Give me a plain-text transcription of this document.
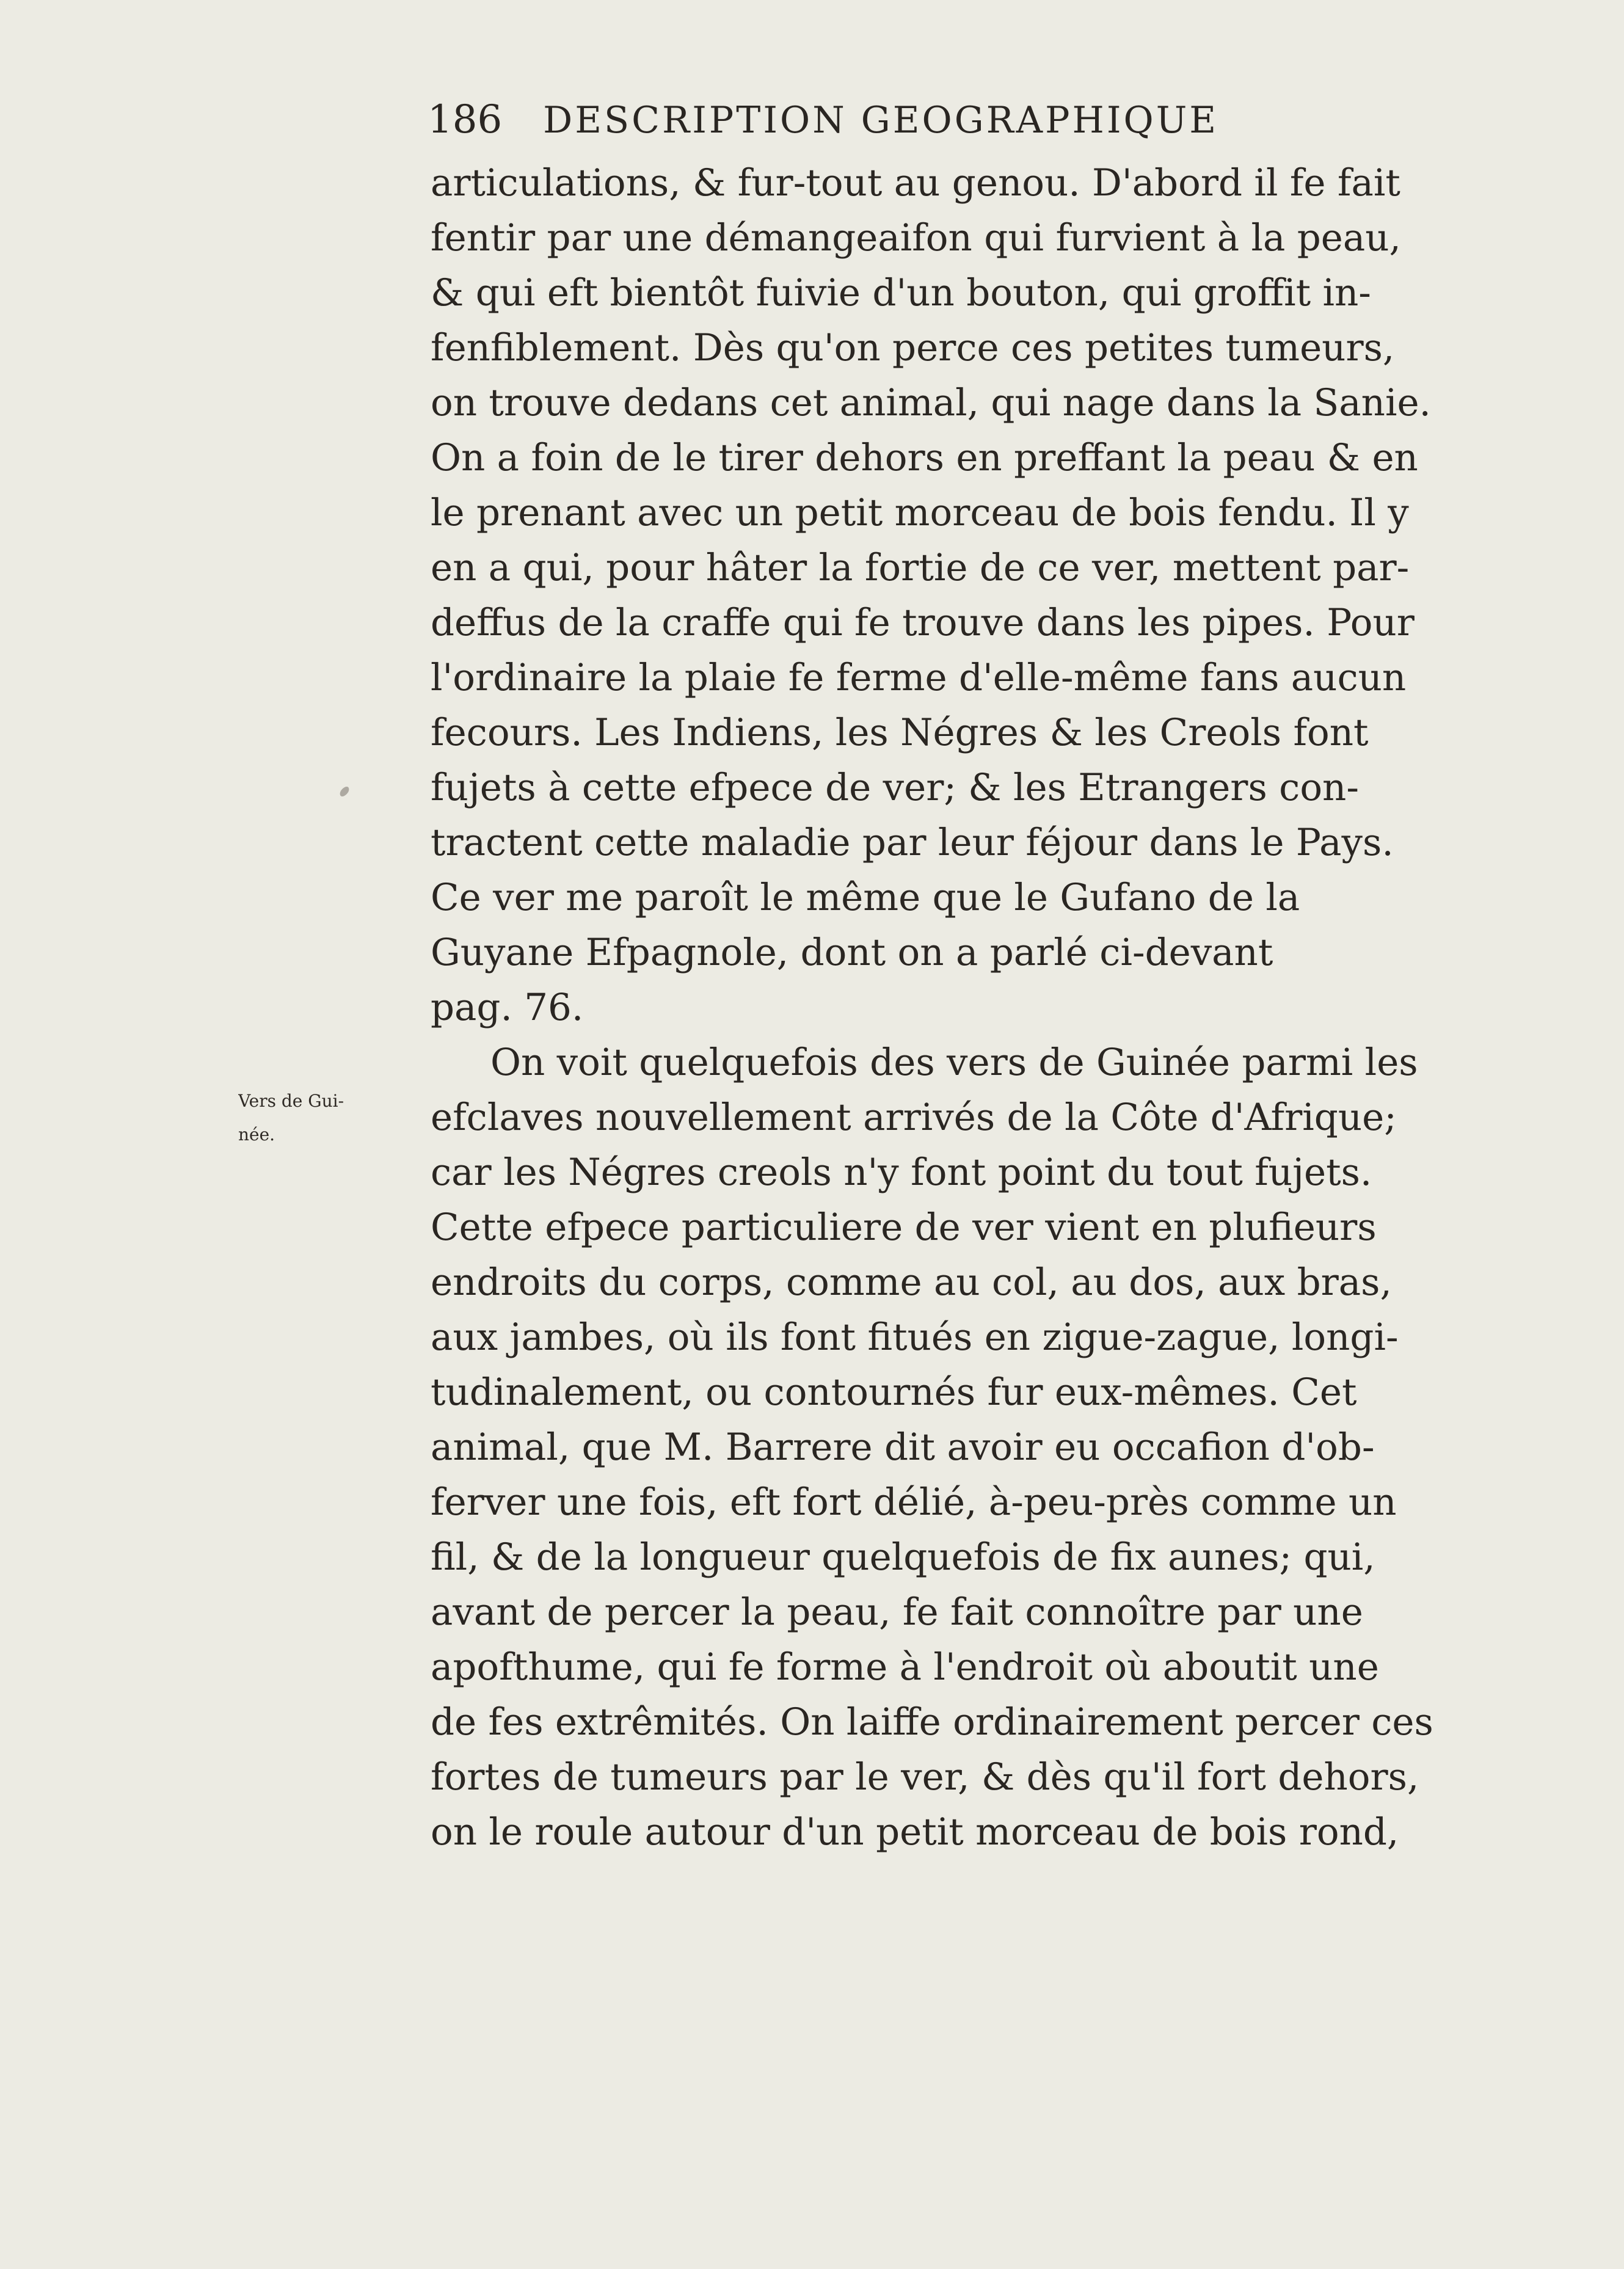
186 DESCRIPTION GEOGRAPHIQUE
Vers de Gui-
née.
articulations, & fur-tout au genou. D'abord il fe fait
fentir par une démangeaifon qui furvient à la peau,
& qui eft bientôt fuivie d'un bouton, qui groffit in-
fenfiblement. Dès qu'on perce ces petites tumeurs,
on trouve dedans cet animal, qui nage dans la Sanie.
On a foin de le tirer dehors en preffant la peau & en
le prenant avec un petit morceau de bois fendu. Il y
en a qui, pour hâter la fortie de ce ver, mettent par-
deffus de la craffe qui fe trouve dans les pipes. Pour
l'ordinaire la plaie fe ferme d'elle-même fans aucun
fecours. Les Indiens, les Négres & les Creols font
fujets à cette efpece de ver; & les Etrangers con-
tractent cette maladie par leur féjour dans le Pays.
Ce ver me paroît le même que le Gufano de la
Guyane Efpagnole, dont on a parlé ci-devant
pag. 76.
On voit quelquefois des vers de Guinée parmi les
efclaves nouvellement arrivés de la Côte d'Afrique;
car les Négres creols n'y font point du tout fujets.
Cette efpece particuliere de ver vient en plufieurs
endroits du corps, comme au col, au dos, aux bras,
aux jambes, où ils font fitués en zigue-zague, longi-
tudinalement, ou contournés fur eux-mêmes. Cet
animal, que M. Barrere dit avoir eu occafion d'ob-
ferver une fois, eft fort délié, à-peu-près comme un
fil, & de la longueur quelquefois de fix aunes; qui,
avant de percer la peau, fe fait connoître par une
apofthume, qui fe forme à l'endroit où aboutit une
de fes extrêmités. On laiffe ordinairement percer ces
fortes de tumeurs par le ver, & dès qu'il fort dehors,
on le roule autour d'un petit morceau de bois rond,
